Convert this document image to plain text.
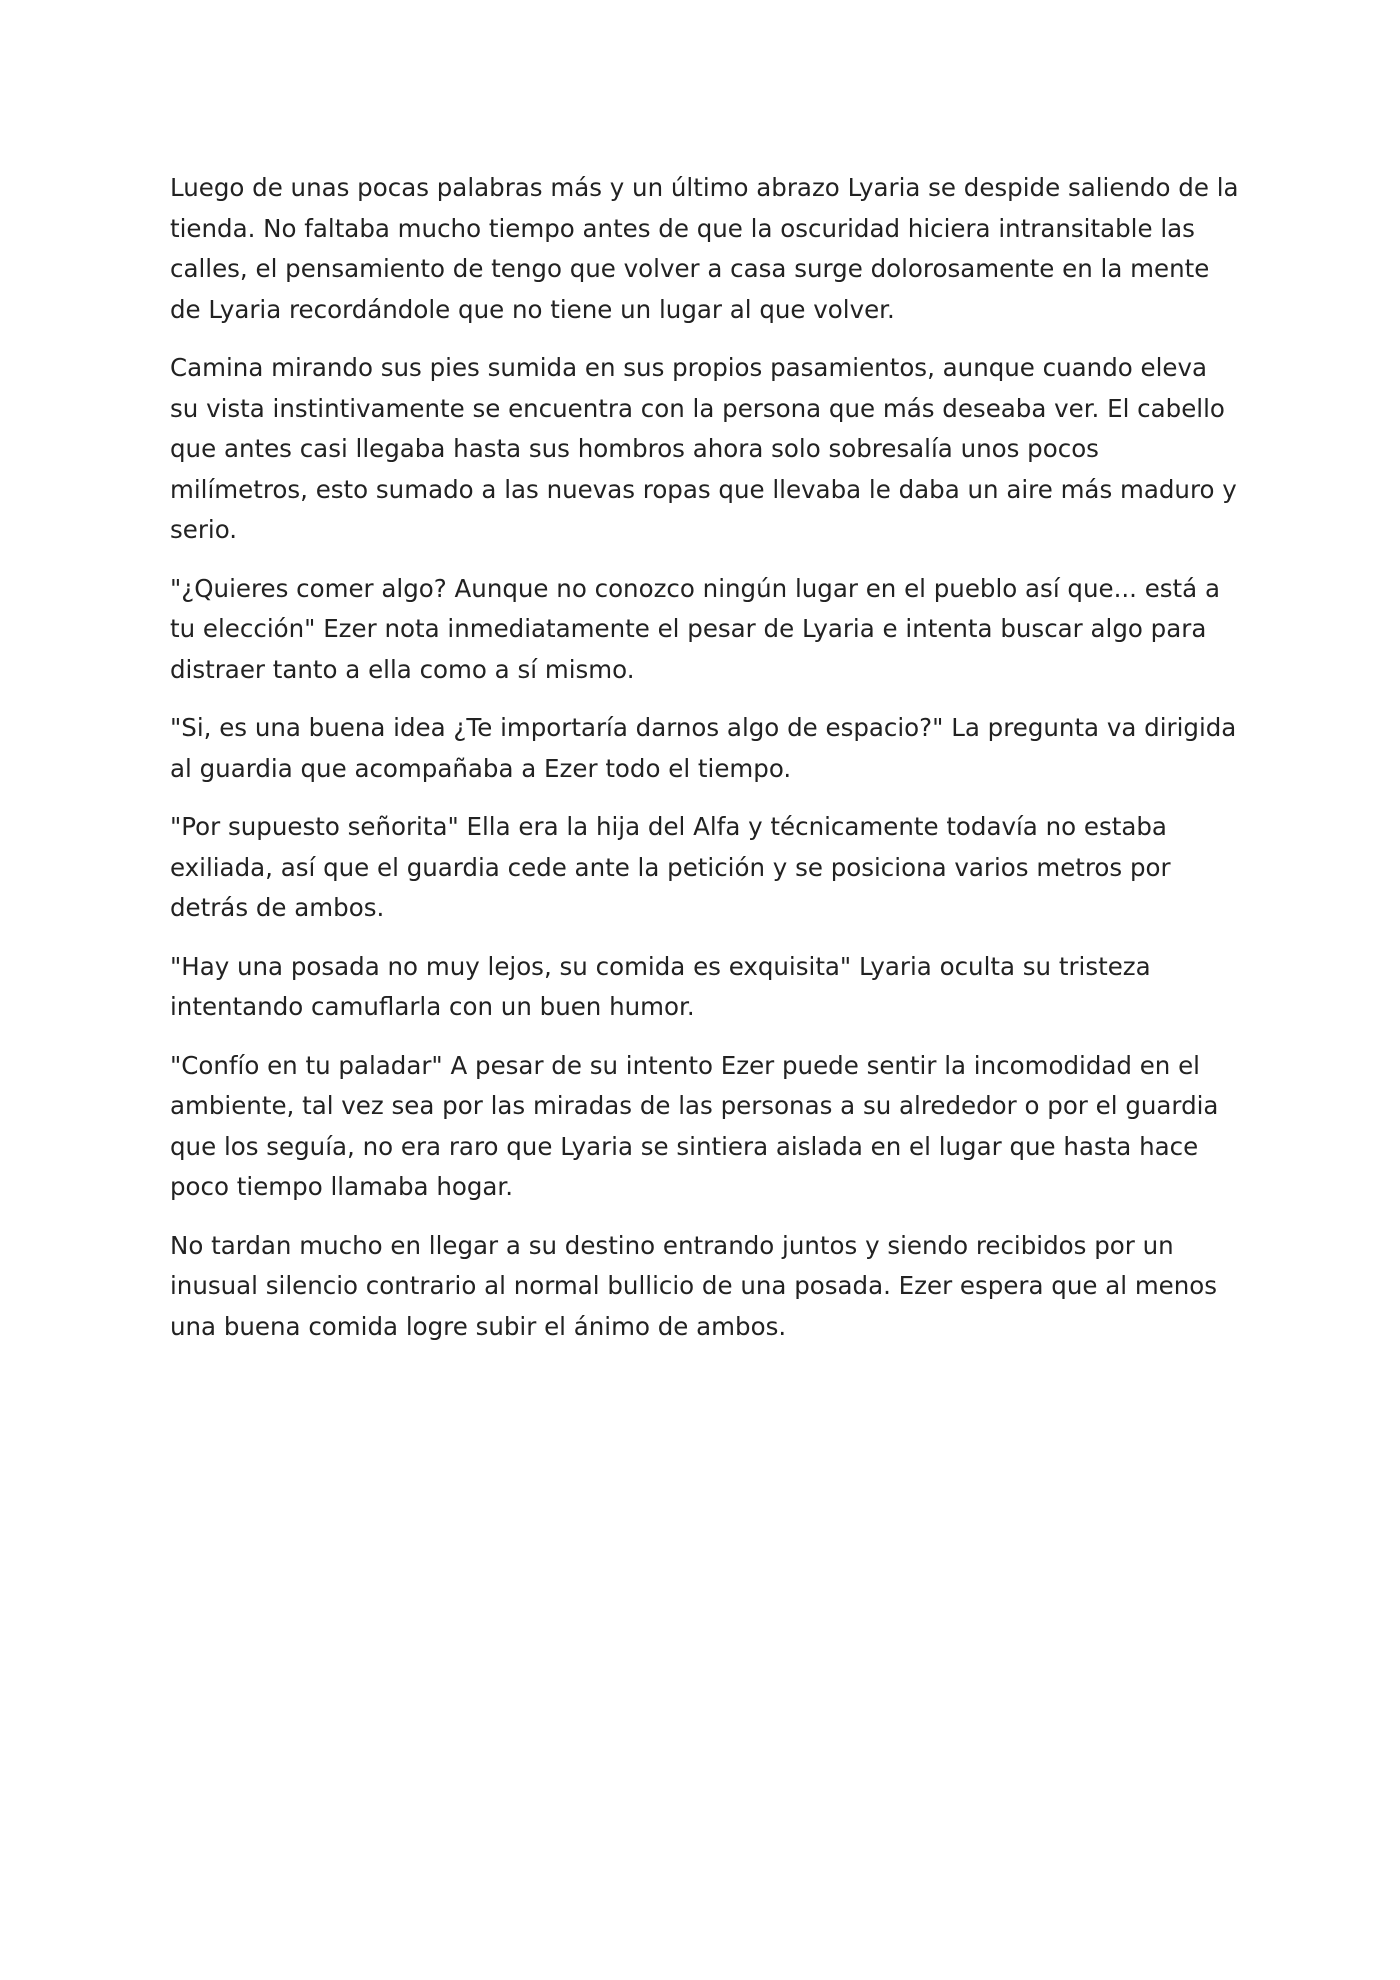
Luego de unas pocas palabras más y un último abrazo Lyaria se despide saliendo de la tienda. No faltaba mucho tiempo antes de que la oscuridad hiciera intransitable las calles, el pensamiento de tengo que volver a casa surge dolorosamente en la mente de Lyaria recordándole que no tiene un lugar al que volver.

Camina mirando sus pies sumida en sus propios pasamientos, aunque cuando eleva su vista instintivamente se encuentra con la persona que más deseaba ver. El cabello que antes casi llegaba hasta sus hombros ahora solo sobresalía unos pocos milímetros, esto sumado a las nuevas ropas que llevaba le daba un aire más maduro y serio.

"¿Quieres comer algo? Aunque no conozco ningún lugar en el pueblo así que... está a tu elección" Ezer nota inmediatamente el pesar de Lyaria e intenta buscar algo para distraer tanto a ella como a sí mismo.

"Si, es una buena idea ¿Te importaría darnos algo de espacio?" La pregunta va dirigida al guardia que acompañaba a Ezer todo el tiempo.

"Por supuesto señorita" Ella era la hija del Alfa y técnicamente todavía no estaba exiliada, así que el guardia cede ante la petición y se posiciona varios metros por detrás de ambos.

"Hay una posada no muy lejos, su comida es exquisita" Lyaria oculta su tristeza intentando camuflarla con un buen humor.

"Confío en tu paladar" A pesar de su intento Ezer puede sentir la incomodidad en el ambiente, tal vez sea por las miradas de las personas a su alrededor o por el guardia que los seguía, no era raro que Lyaria se sintiera aislada en el lugar que hasta hace poco tiempo llamaba hogar.

No tardan mucho en llegar a su destino entrando juntos y siendo recibidos por un inusual silencio contrario al normal bullicio de una posada. Ezer espera que al menos una buena comida logre subir el ánimo de ambos.
